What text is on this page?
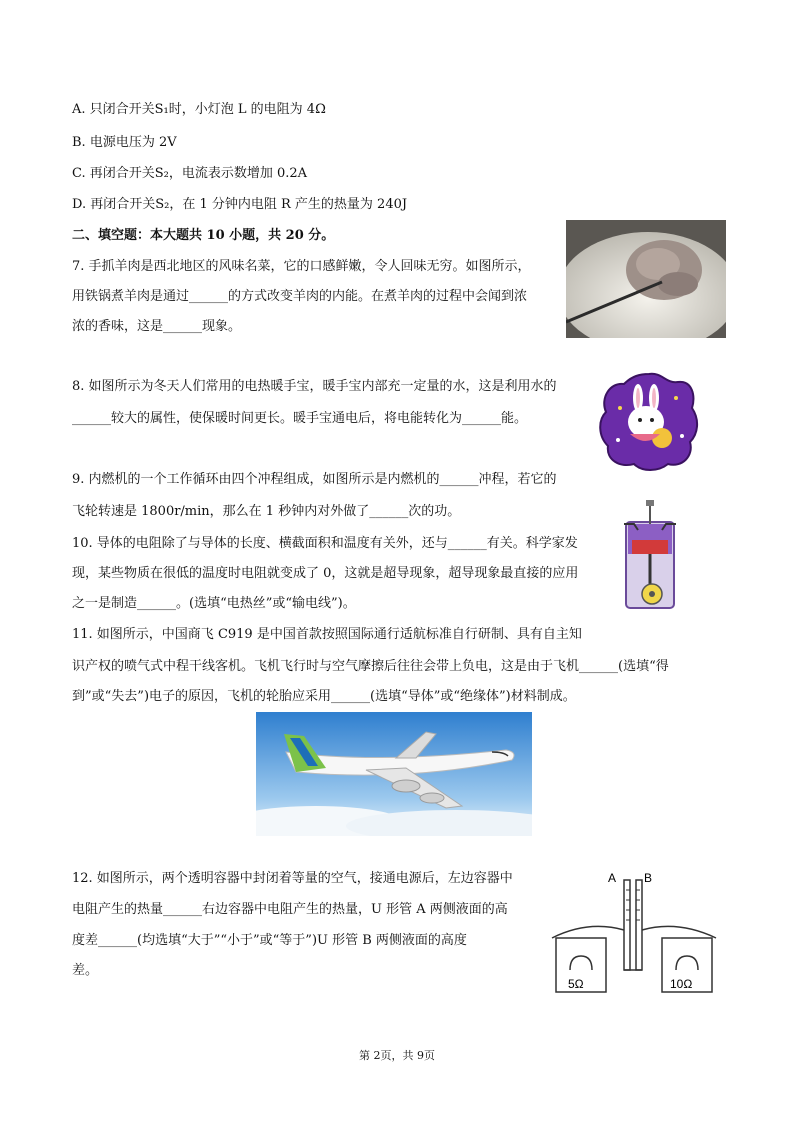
A. 只闭合开关S₁时，小灯泡 L 的电阻为 4Ω
B. 电源电压为 2V
C. 再闭合开关S₂，电流表示数增加 0.2A
D. 再闭合开关S₂，在 1 分钟内电阻 R 产生的热量为 240J
二、填空题：本大题共 10 小题，共 20 分。
7. 手抓羊肉是西北地区的风味名菜，它的口感鲜嫩，令人回味无穷。如图所示，
用铁锅煮羊肉是通过______的方式改变羊肉的内能。在煮羊肉的过程中会闻到浓
浓的香味，这是______现象。
8. 如图所示为冬天人们常用的电热暖手宝，暖手宝内部充一定量的水，这是利用水的
______较大的属性，使保暖时间更长。暖手宝通电后，将电能转化为______能。
9. 内燃机的一个工作循环由四个冲程组成，如图所示是内燃机的______冲程，若它的
飞轮转速是 1800r/min，那么在 1 秒钟内对外做了______次的功。
10. 导体的电阻除了与导体的长度、横截面积和温度有关外，还与______有关。科学家发
现，某些物质在很低的温度时电阻就变成了 0，这就是超导现象，超导现象最直接的应用
之一是制造______。(选填“电热丝”或“输电线”)。
11. 如图所示，中国商飞 C919 是中国首款按照国际通行适航标准自行研制、具有自主知
识产权的喷气式中程干线客机。飞机飞行时与空气摩擦后往往会带上负电，这是由于飞机______(选填“得
到”或“失去”)电子的原因，飞机的轮胎应采用______(选填“导体”或“绝缘体”)材料制成。
12. 如图所示，两个透明容器中封闭着等量的空气，接通电源后，左边容器中
电阻产生的热量______右边容器中电阻产生的热量，U 形管 A 两侧液面的高
度差______(均选填“大于”“小于”或“等于”)U 形管 B 两侧液面的高度
差。
A B
5Ω	10Ω
第 2页，共 9页
